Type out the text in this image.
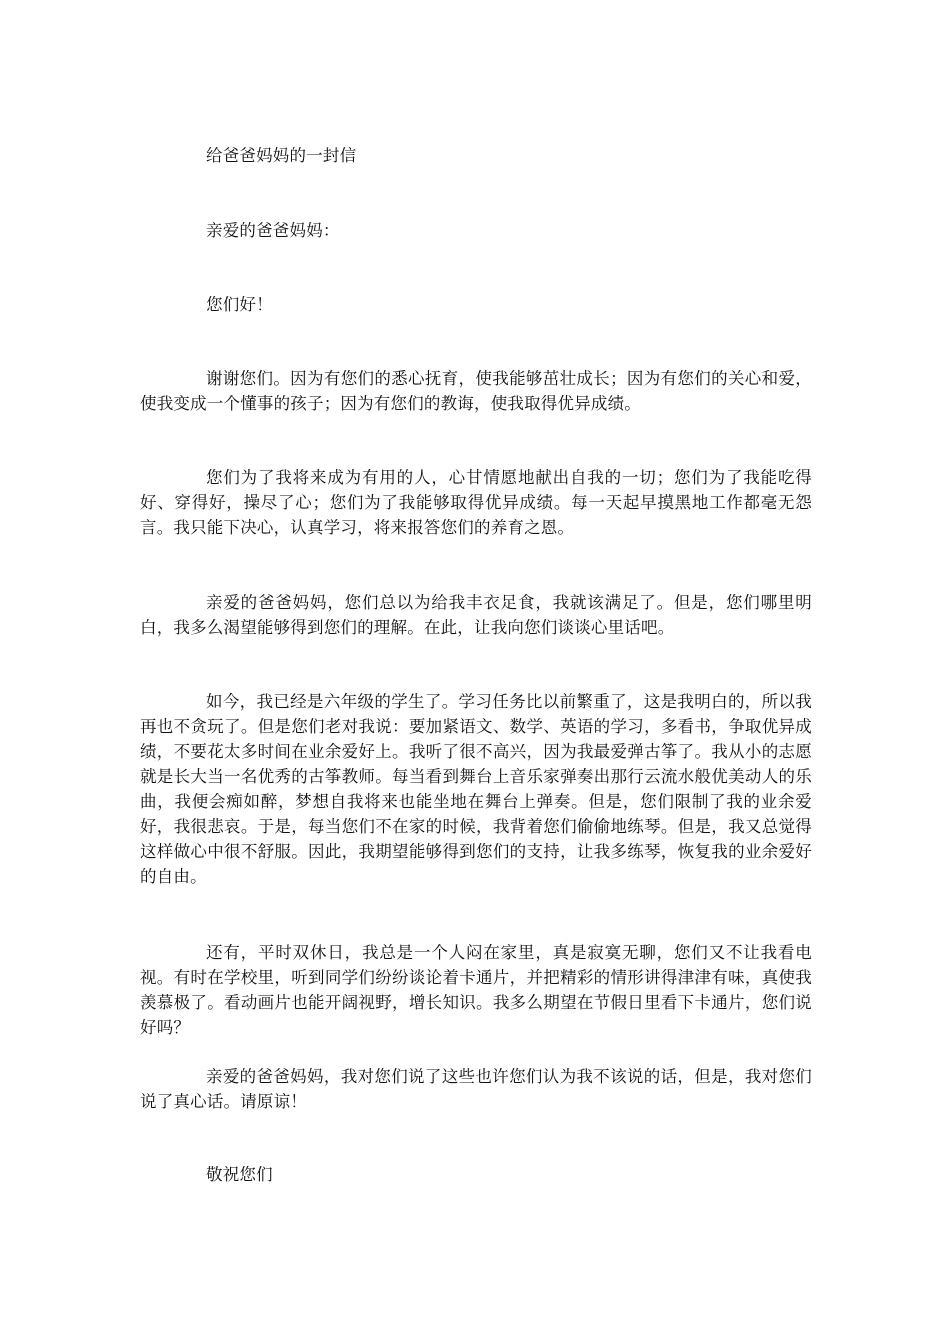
给爸爸妈妈的一封信

亲爱的爸爸妈妈：

您们好！

谢谢您们。因为有您们的悉心抚育，使我能够茁壮成长；因为有您们的关心和爱，使我变成一个懂事的孩子；因为有您们的教诲，使我取得优异成绩。

您们为了我将来成为有用的人，心甘情愿地献出自我的一切；您们为了我能吃得好、穿得好，操尽了心；您们为了我能够取得优异成绩。每一天起早摸黑地工作都毫无怨言。我只能下决心，认真学习，将来报答您们的养育之恩。

亲爱的爸爸妈妈，您们总以为给我丰衣足食，我就该满足了。但是，您们哪里明白，我多么渴望能够得到您们的理解。在此，让我向您们谈谈心里话吧。

如今，我已经是六年级的学生了。学习任务比以前繁重了，这是我明白的，所以我再也不贪玩了。但是您们老对我说：要加紧语文、数学、英语的学习，多看书，争取优异成绩，不要花太多时间在业余爱好上。我听了很不高兴，因为我最爱弹古筝了。我从小的志愿就是长大当一名优秀的古筝教师。每当看到舞台上音乐家弹奏出那行云流水般优美动人的乐曲，我便会痴如醉，梦想自我将来也能坐地在舞台上弹奏。但是，您们限制了我的业余爱好，我很悲哀。于是，每当您们不在家的时候，我背着您们偷偷地练琴。但是，我又总觉得这样做心中很不舒服。因此，我期望能够得到您们的支持，让我多练琴，恢复我的业余爱好的自由。

还有，平时双休日，我总是一个人闷在家里，真是寂寞无聊，您们又不让我看电视。有时在学校里，听到同学们纷纷谈论着卡通片，并把精彩的情形讲得津津有味，真使我羡慕极了。看动画片也能开阔视野，增长知识。我多么期望在节假日里看下卡通片，您们说好吗？

亲爱的爸爸妈妈，我对您们说了这些也许您们认为我不该说的话，但是，我对您们说了真心话。请原谅！

敬祝您们
